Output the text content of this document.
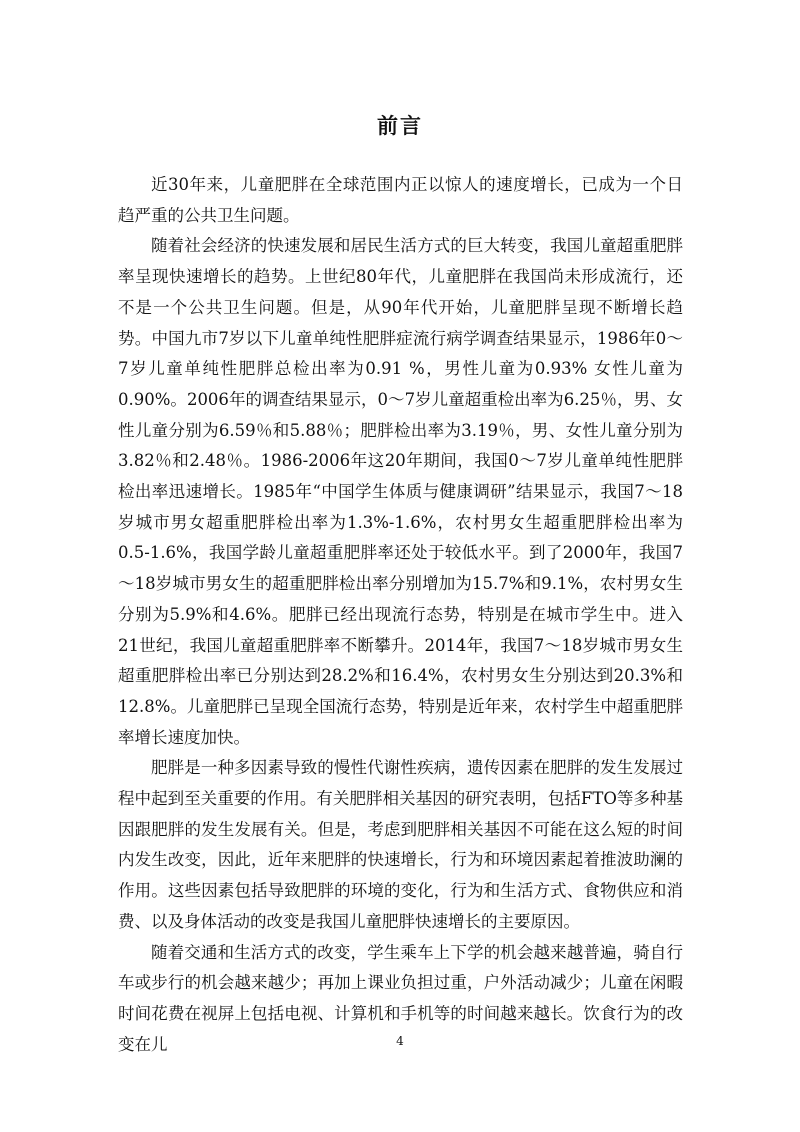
前言

近30年来，儿童肥胖在全球范围内正以惊人的速度增长，已成为一个日趋严重的公共卫生问题。

随着社会经济的快速发展和居民生活方式的巨大转变，我国儿童超重肥胖率呈现快速增长的趋势。上世纪80年代，儿童肥胖在我国尚未形成流行，还不是一个公共卫生问题。但是，从90年代开始，儿童肥胖呈现不断增长趋势。中国九市7岁以下儿童单纯性肥胖症流行病学调查结果显示，1986年0～7岁儿童单纯性肥胖总检出率为0.91 %，男性儿童为0.93% 女性儿童为0.90%。2006年的调查结果显示，0～7岁儿童超重检出率为6.25％，男、女性儿童分别为6.59％和5.88％；肥胖检出率为3.19％，男、女性儿童分别为3.82％和2.48％。1986-2006年这20年期间，我国0～7岁儿童单纯性肥胖检出率迅速增长。1985年“中国学生体质与健康调研”结果显示，我国7～18岁城市男女超重肥胖检出率为1.3%-1.6%，农村男女生超重肥胖检出率为0.5-1.6%，我国学龄儿童超重肥胖率还处于较低水平。到了2000年，我国7～18岁城市男女生的超重肥胖检出率分别增加为15.7%和9.1%，农村男女生分别为5.9%和4.6%。肥胖已经出现流行态势，特别是在城市学生中。进入21世纪，我国儿童超重肥胖率不断攀升。2014年，我国7～18岁城市男女生超重肥胖检出率已分别达到28.2%和16.4%，农村男女生分别达到20.3%和12.8%。儿童肥胖已呈现全国流行态势，特别是近年来，农村学生中超重肥胖率增长速度加快。

肥胖是一种多因素导致的慢性代谢性疾病，遗传因素在肥胖的发生发展过程中起到至关重要的作用。有关肥胖相关基因的研究表明，包括FTO等多种基因跟肥胖的发生发展有关。但是，考虑到肥胖相关基因不可能在这么短的时间内发生改变，因此，近年来肥胖的快速增长，行为和环境因素起着推波助澜的作用。这些因素包括导致肥胖的环境的变化，行为和生活方式、食物供应和消费、以及身体活动的改变是我国儿童肥胖快速增长的主要原因。

随着交通和生活方式的改变，学生乘车上下学的机会越来越普遍，骑自行车或步行的机会越来越少；再加上课业负担过重，户外活动减少；儿童在闲暇时间花费在视屏上包括电视、计算机和手机等的时间越来越长。饮食行为的改变在儿	4
